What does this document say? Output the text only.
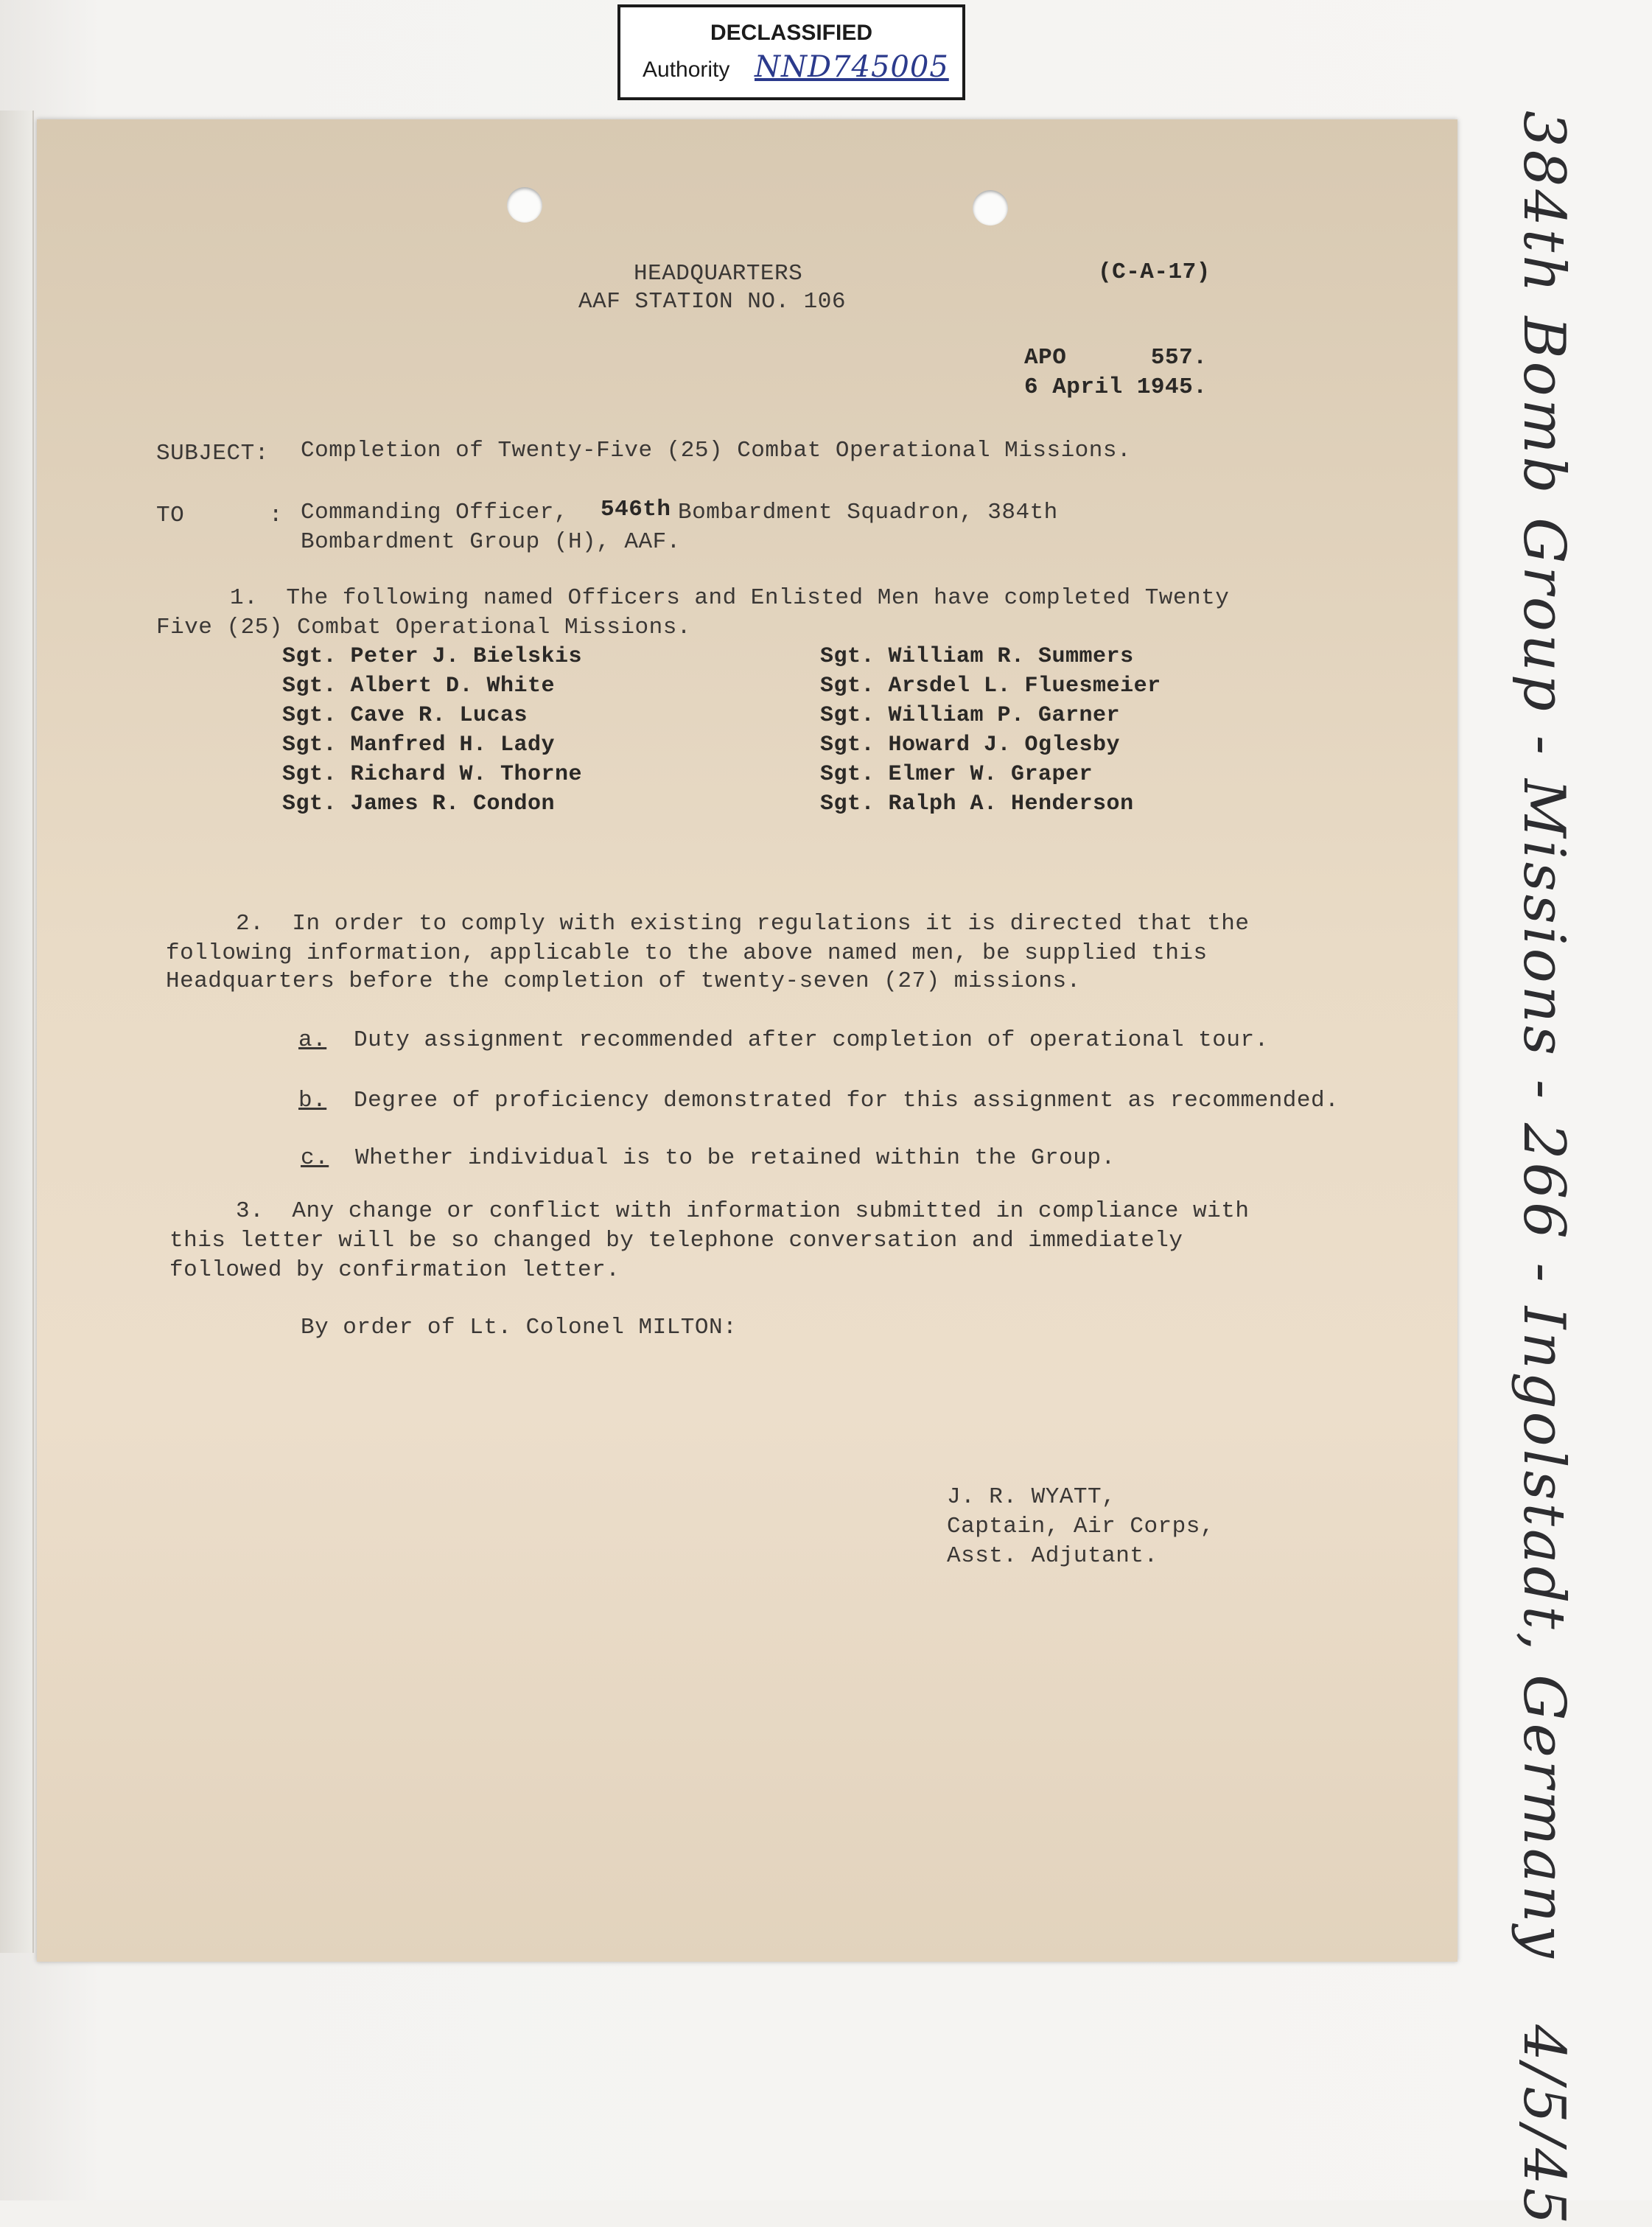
DECLASSIFIED
Authority NND745005
HEADQUARTERS
AAF STATION NO. 106
(C-A-17)
APO      557.
6 April 1945.
SUBJECT: Completion of Twenty-Five (25) Combat Operational Missions.
TO      : Commanding Officer, 546th Bombardment Squadron, 384th
Bombardment Group (H), AAF.
1.  The following named Officers and Enlisted Men have completed Twenty
Five (25) Combat Operational Missions.
Sgt. Peter J. Bielskis
Sgt. Albert D. White
Sgt. Cave R. Lucas
Sgt. Manfred H. Lady
Sgt. Richard W. Thorne
Sgt. James R. Condon
Sgt. William R. Summers
Sgt. Arsdel L. Fluesmeier
Sgt. William P. Garner
Sgt. Howard J. Oglesby
Sgt. Elmer W. Graper
Sgt. Ralph A. Henderson
2.  In order to comply with existing regulations it is directed that the
following information, applicable to the above named men, be supplied this
Headquarters before the completion of twenty-seven (27) missions.
a. Duty assignment recommended after completion of operational tour.
b. Degree of proficiency demonstrated for this assignment as recommended.
c. Whether individual is to be retained within the Group.
3.  Any change or conflict with information submitted in compliance with
this letter will be so changed by telephone conversation and immediately
followed by confirmation letter.
By order of Lt. Colonel MILTON:
J. R. WYATT,
Captain, Air Corps,
Asst. Adjutant.	384th Bomb Group - Missions - 266 - Ingolstadt, Germany   4/5/45
